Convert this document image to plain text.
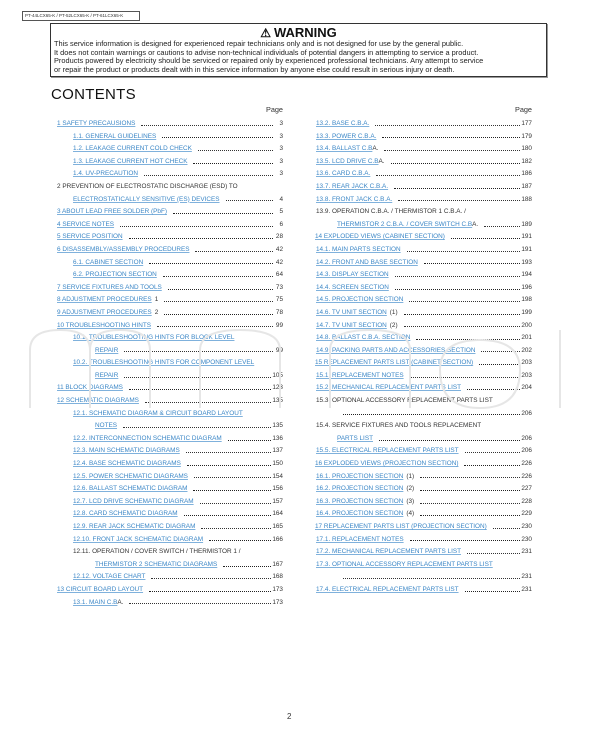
PT-44LCX65-K / PT-52LCX65-K / PT-61LCX65-K
⚠ WARNING
This service information is designed for experienced repair technicians only and is not designed for use by the general public.
It does not contain warnings or cautions to advise non-technical individuals of potential dangers in attempting to service a product.
Products powered by electricity should be serviced or repaired only by experienced professional technicians. Any attempt to service
or repair the product or products dealt with in this service information by anyone else could result in serious injury or death.
CONTENTS
Page
1 SAFETY PRECAUSIONS	3
1.1. GENERAL GUIDELINES	3
1.2. LEAKAGE CURRENT COLD CHECK	3
1.3. LEAKAGE CURRENT HOT CHECK	3
1.4. UV-PRECAUTION	3
2 PREVENTION OF ELECTROSTATIC DISCHARGE (ESD) TO
ELECTROSTATICALLY SENSITIVE (ES) DEVICES	4
3 ABOUT LEAD FREE SOLDER (PbF)	5
4 SERVICE NOTES	6
5 SERVICE POSITION	28
6 DISASSEMBLY/ASSEMBLY PROCEDURES	42
6.1. CABINET SECTION	42
6.2. PROJECTION SECTION	64
7 SERVICE FIXTURES AND TOOLS	73
8 ADJUSTMENT PROCEDURES 1	75
9 ADJUSTMENT PROCEDURES 2	78
10 TROUBLESHOOTING HINTS	99
10.1. TROUBLESHOOTING HINTS FOR BLOCK LEVEL
REPAIR	99
10.2. TROUBLESHOOTING HINTS FOR COMPONENT LEVEL
REPAIR	105
11 BLOCK DIAGRAMS	123
12 SCHEMATIC DIAGRAMS	135
12.1. SCHEMATIC DIAGRAM & CIRCUIT BOARD LAYOUT
NOTES	135
12.2. INTERCONNECTION SCHEMATIC DIAGRAM	136
12.3. MAIN SCHEMATIC DIAGRAMS	137
12.4. BASE SCHEMATIC DIAGRAMS	150
12.5. POWER SCHEMATIC DIAGRAMS	154
12.6. BALLAST SCHEMATIC DIAGRAM	156
12.7. LCD DRIVE SCHEMATIC DIAGRAM	157
12.8. CARD SCHEMATIC DIAGRAM	164
12.9. REAR JACK SCHEMATIC DIAGRAM	165
12.10. FRONT JACK SCHEMATIC DIAGRAM	166
12.11. OPERATION / COVER SWITCH / THERMISTOR 1 /
THERMISTOR 2 SCHEMATIC DIAGRAMS	167
12.12. VOLTAGE CHART	168
13 CIRCUIT BOARD LAYOUT	173
13.1. MAIN C.B A.	173
Page
13.2. BASE C.B.A.	177
13.3. POWER C.B.A.	179
13.4. BALLAST C.B A.	180
13.5. LCD DRIVE C.B A.	182
13.6. CARD C.B.A.	186
13.7. REAR JACK C.B.A.	187
13.8. FRONT JACK C.B.A.	188
13.9. OPERATION C.B.A. / THERMISTOR 1 C.B.A. /
THERMISTOR 2 C.B.A. / COVER SWITCH C.B A.	189
14 EXPLODED VIEWS (CABINET SECTION)	191
14.1. MAIN PARTS SECTION	191
14.2. FRONT AND BASE SECTION	193
14.3. DISPLAY SECTION	194
14.4. SCREEN SECTION	196
14.5. PROJECTION SECTION	198
14.6. TV UNIT SECTION (1)	199
14.7. TV UNIT SECTION (2)	200
14.8. BALLAST C.B.A. SECTION	201
14.9. PACKING PARTS AND ACCESSORIES SECTION	202
15 REPLACEMENT PARTS LIST (CABINET SECTION)	203
15.1. REPLACEMENT NOTES	203
15.2. MECHANICAL REPLACEMENT PARTS LIST	204
15.3. OPTIONAL ACCESSORY REPLACEMENT PARTS LIST
206
15.4. SERVICE FIXTURES AND TOOLS REPLACEMENT
PARTS LIST	206
15.5. ELECTRICAL REPLACEMENT PARTS LIST	206
16 EXPLODED VIEWS (PROJECTION SECTION)	226
16.1. PROJECTION SECTION (1)	226
16.2. PROJECTION SECTION (2)	227
16.3. PROJECTION SECTION (3)	228
16.4. PROJECTION SECTION (4)	229
17 REPLACEMENT PARTS LIST (PROJECTION SECTION)	230
17.1. REPLACEMENT NOTES	230
17.2. MECHANICAL REPLACEMENT PARTS LIST	231
17.3. OPTIONAL ACCESSORY REPLACEMENT PARTS LIST
231
17.4. ELECTRICAL REPLACEMENT PARTS LIST	231
2
